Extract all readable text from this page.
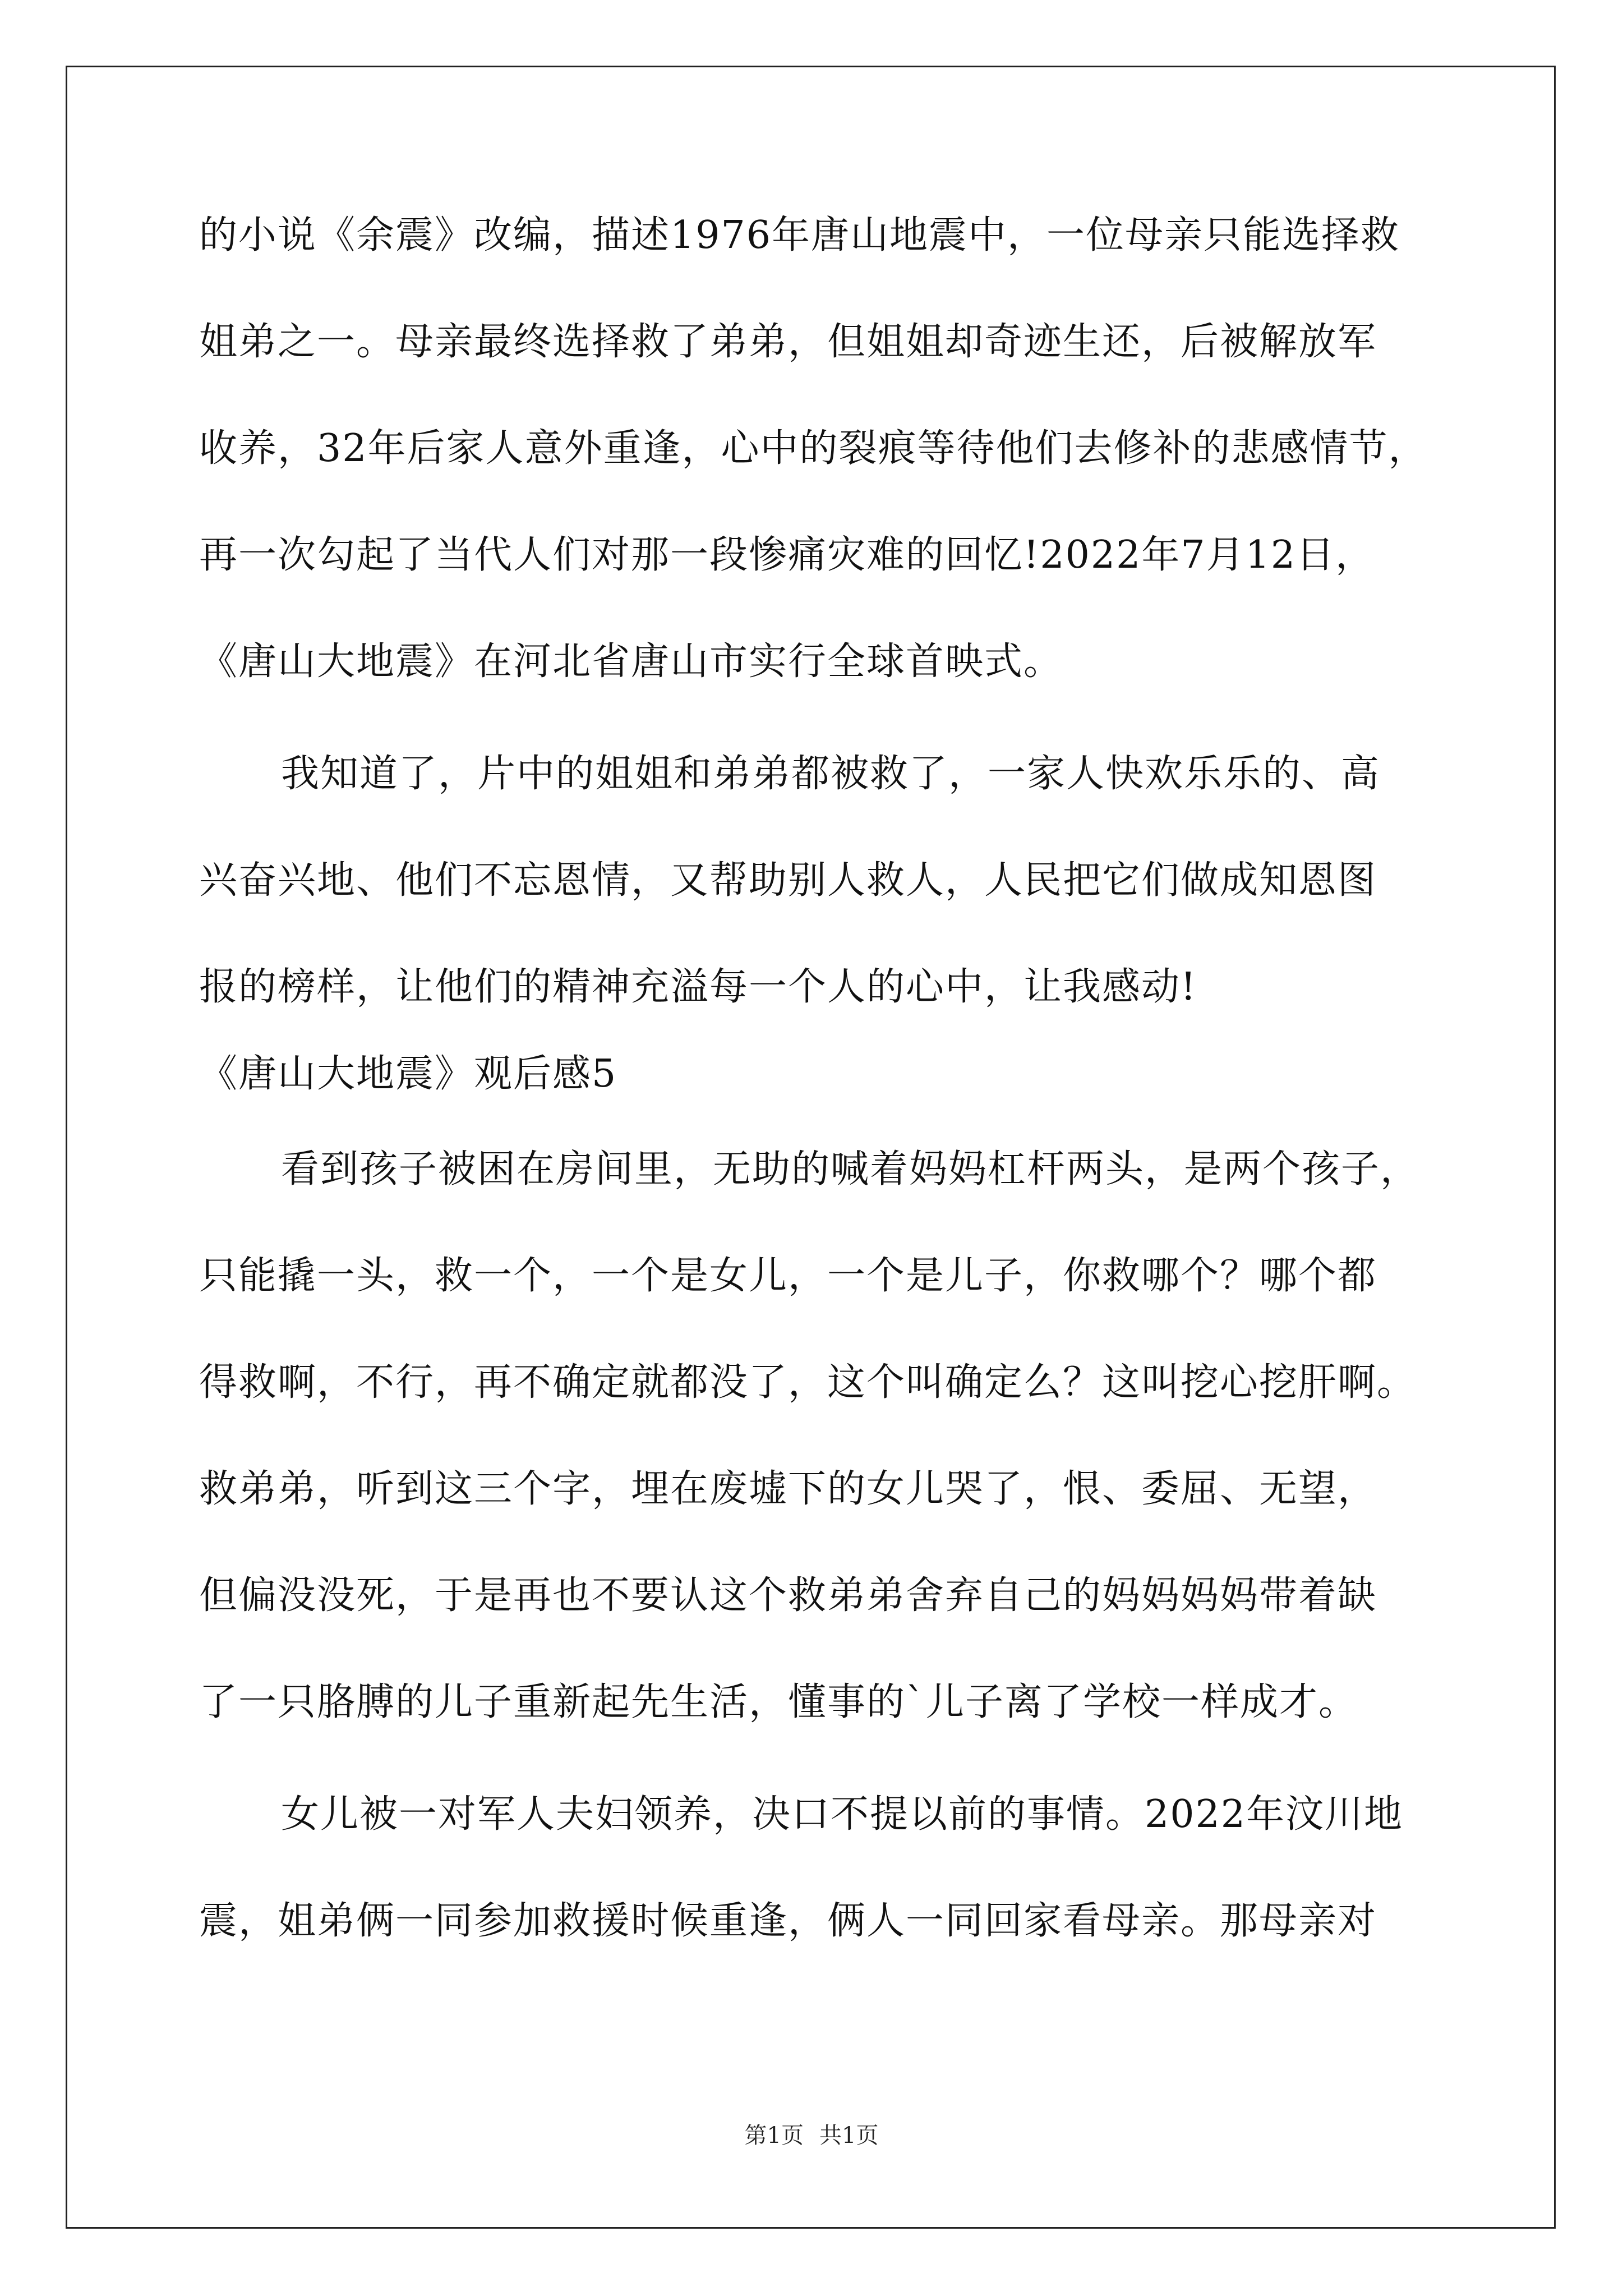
的小说《余震》改编，描述1976年唐山地震中，一位母亲只能选择救
姐弟之一。母亲最终选择救了弟弟，但姐姐却奇迹生还，后被解放军
收养，32年后家人意外重逢，心中的裂痕等待他们去修补的悲感情节，
再一次勾起了当代人们对那一段惨痛灾难的回忆!2022年7月12日，
《唐山大地震》在河北省唐山市实行全球首映式。
我知道了，片中的姐姐和弟弟都被救了，一家人快欢乐乐的、高
兴奋兴地、他们不忘恩情，又帮助别人救人，人民把它们做成知恩图
报的榜样，让他们的精神充溢每一个人的心中，让我感动!
《唐山大地震》观后感5
看到孩子被困在房间里，无助的喊着妈妈杠杆两头，是两个孩子，
只能撬一头，救一个，一个是女儿，一个是儿子，你救哪个？哪个都
得救啊，不行，再不确定就都没了，这个叫确定么？这叫挖心挖肝啊。
救弟弟，听到这三个字，埋在废墟下的女儿哭了，恨、委屈、无望，
但偏没没死，于是再也不要认这个救弟弟舍弃自己的妈妈妈妈带着缺
了一只胳膊的儿子重新起先生活，懂事的`儿子离了学校一样成才。
女儿被一对军人夫妇领养，决口不提以前的事情。2022年汶川地
震，姐弟俩一同参加救援时候重逢，俩人一同回家看母亲。那母亲对
第1页 共1页
